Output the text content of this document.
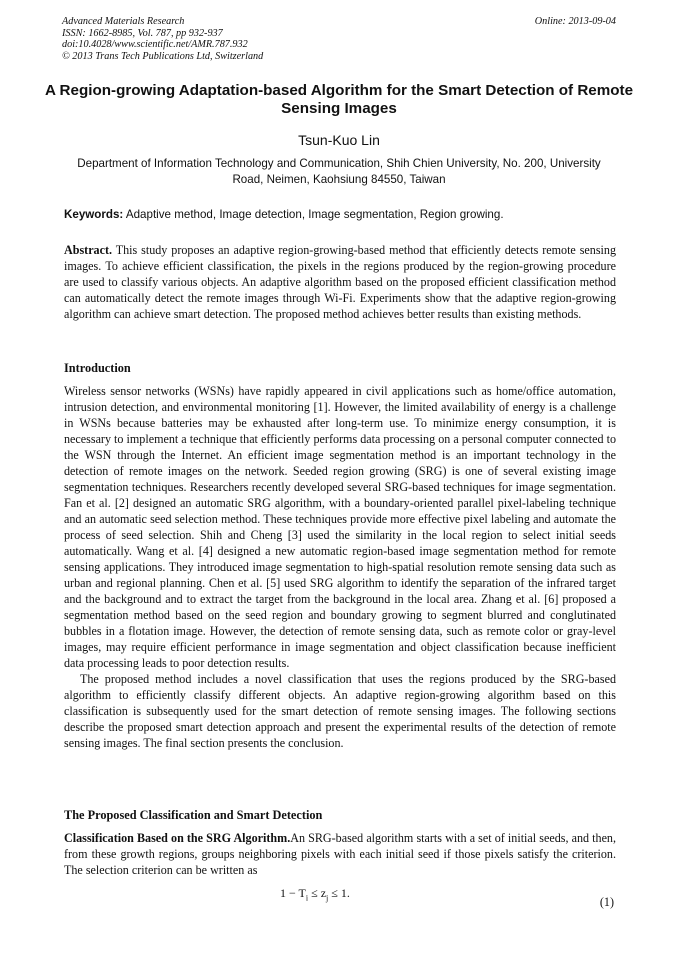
Advanced Materials Research
ISSN: 1662-8985, Vol. 787, pp 932-937
doi:10.4028/www.scientific.net/AMR.787.932
© 2013 Trans Tech Publications Ltd, Switzerland
Online: 2013-09-04
A Region-growing Adaptation-based Algorithm for the Smart Detection of Remote Sensing Images
Tsun-Kuo Lin
Department of Information Technology and Communication, Shih Chien University, No. 200, University Road, Neimen, Kaohsiung 84550, Taiwan
Keywords: Adaptive method, Image detection, Image segmentation, Region growing.
Abstract. This study proposes an adaptive region-growing-based method that efficiently detects remote sensing images. To achieve efficient classification, the pixels in the regions produced by the region-growing procedure are used to classify various objects. An adaptive algorithm based on the proposed efficient classification method can automatically detect the remote images through Wi-Fi. Experiments show that the adaptive region-growing algorithm can achieve smart detection. The proposed method achieves better results than existing methods.
Introduction

Wireless sensor networks (WSNs) have rapidly appeared in civil applications such as home/office automation, intrusion detection, and environmental monitoring [1]. However, the limited availability of energy is a challenge in WSNs because batteries may be exhausted after long-term use. To minimize energy consumption, it is necessary to implement a technique that efficiently performs data processing on a personal computer connected to the WSN through the Internet. An efficient image segmentation method is an important technology in the detection of remote images on the network. Seeded region growing (SRG) is one of several existing image segmentation techniques. Researchers recently developed several SRG-based techniques for image segmentation. Fan et al. [2] designed an automatic SRG algorithm, with a boundary-oriented parallel pixel-labeling technique and an automatic seed selection method. These techniques provide more effective pixel labeling and automate the process of seed selection. Shih and Cheng [3] used the similarity in the local region to select initial seeds automatically. Wang et al. [4] designed a new automatic region-based image segmentation method for remote sensing applications. They introduced image segmentation to high-spatial resolution remote sensing data such as urban and regional planning. Chen et al. [5] used SRG algorithm to identify the separation of the infrared target and the background and to extract the target from the background in the local area. Zhang et al. [6] proposed a segmentation method based on the seed region and boundary growing to segment blurred and conglutinated bubbles in a flotation image. However, the detection of remote sensing data, such as remote color or gray-level images, may require efficient performance in image segmentation and object classification because inefficient data processing leads to poor detection results.

The proposed method includes a novel classification that uses the regions produced by the SRG-based algorithm to efficiently classify different objects. An adaptive region-growing algorithm based on this classification is subsequently used for the smart detection of remote sensing images. The following sections describe the proposed smart detection approach and present the experimental results of the detection of remote sensing images. The final section presents the conclusion.

The Proposed Classification and Smart Detection
Classification Based on the SRG Algorithm.An SRG-based algorithm starts with a set of initial seeds, and then, from these growth regions, groups neighboring pixels with each initial seed if those pixels satisfy the criterion. The selection criterion can be written as
$1 - T_i \le z_j \le 1$.
(1)
